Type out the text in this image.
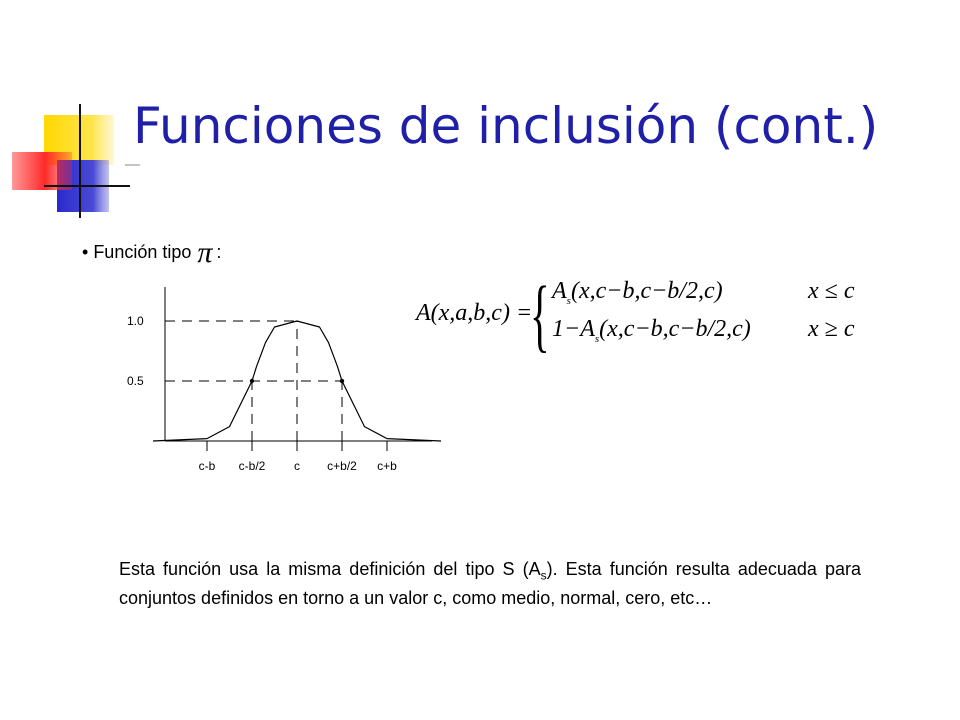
Funciones de inclusión (cont.)
• Función tipo π :
1.0
0.5
c-b c-b/2 c c+b/2 c+b
A(x,a,b,c) =
{ $A_s(x,c-b,c-b/2,c)$	x ≤ c
$1-A_s(x,c-b,c-b/2,c) x \ge c$

Esta función usa la misma definición del tipo S $(A_s)$. Esta función resulta adecuada para conjuntos definidos en torno a un valor c, como medio, normal, cero, etc…
